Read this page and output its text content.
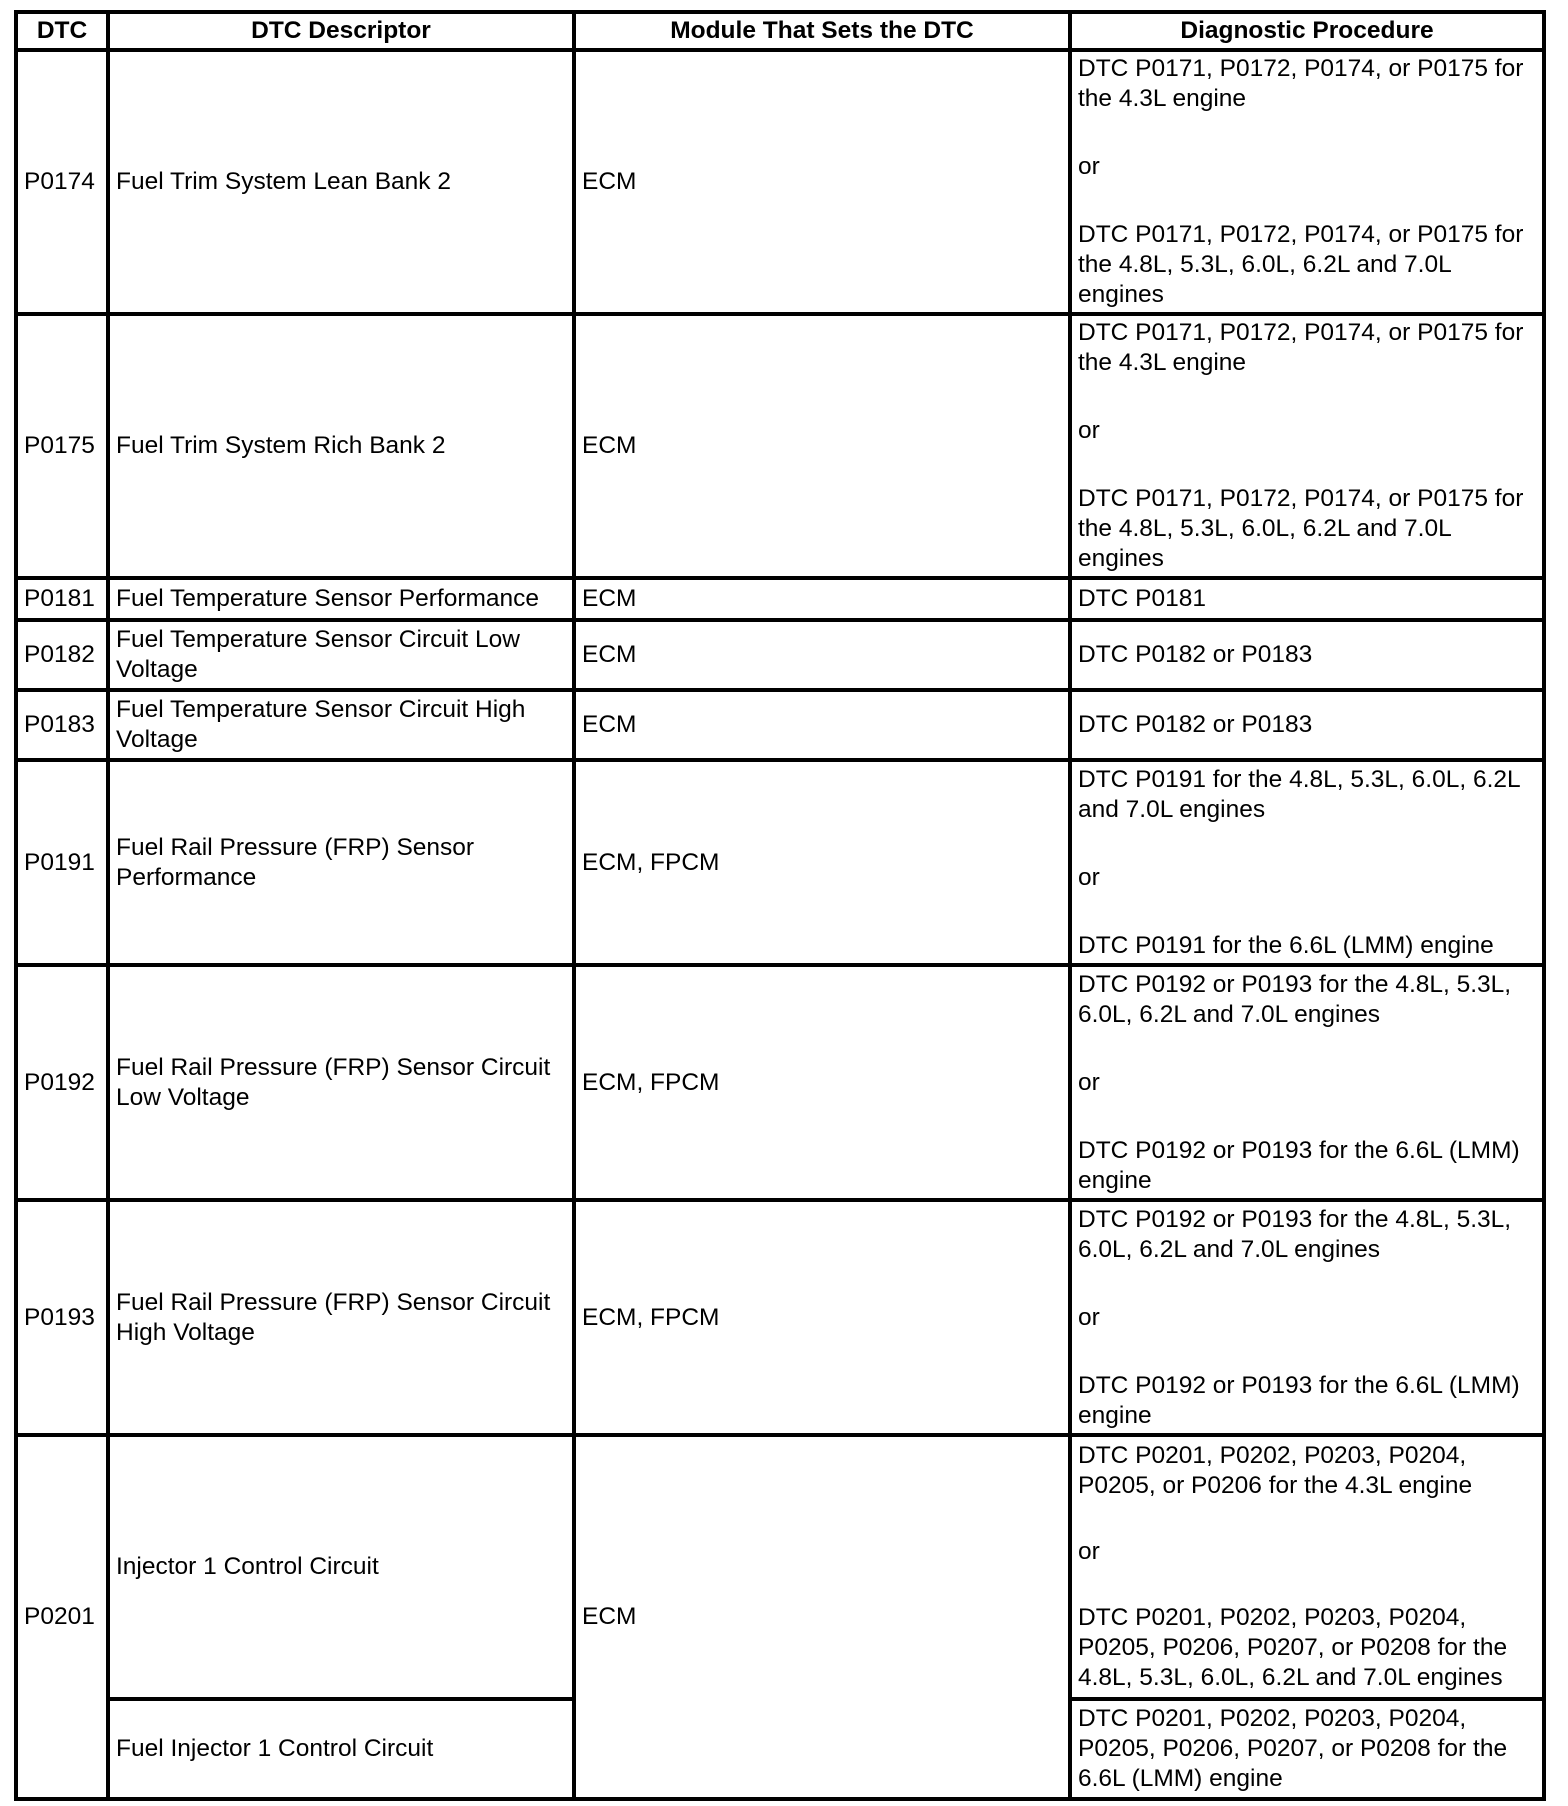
DTC	DTC Descriptor	Module That Sets the DTC	Diagnostic Procedure
P0174	Fuel Trim System Lean Bank 2	ECM	DTC P0171, P0172, P0174, or P0175 for the 4.3L engine
or
DTC P0171, P0172, P0174, or P0175 for the 4.8L, 5.3L, 6.0L, 6.2L and 7.0L engines

P0175	Fuel Trim System Rich Bank 2	ECM	DTC P0171, P0172, P0174, or P0175 for the 4.3L engine
or
DTC P0171, P0172, P0174, or P0175 for the 4.8L, 5.3L, 6.0L, 6.2L and 7.0L engines

P0181	Fuel Temperature Sensor Performance	ECM	DTC P0181

P0182	Fuel Temperature Sensor Circuit Low Voltage	ECM	DTC P0182 or P0183

P0183	Fuel Temperature Sensor Circuit High Voltage	ECM	DTC P0182 or P0183

P0191	Fuel Rail Pressure (FRP) Sensor Performance	ECM, FPCM	DTC P0191 for the 4.8L, 5.3L, 6.0L, 6.2L and 7.0L engines
or
DTC P0191 for the 6.6L (LMM) engine

P0192	Fuel Rail Pressure (FRP) Sensor Circuit Low Voltage	ECM, FPCM	DTC P0192 or P0193 for the 4.8L, 5.3L, 6.0L, 6.2L and 7.0L engines
or
DTC P0192 or P0193 for the 6.6L (LMM) engine

P0193	Fuel Rail Pressure (FRP) Sensor Circuit High Voltage	ECM, FPCM	DTC P0192 or P0193 for the 4.8L, 5.3L, 6.0L, 6.2L and 7.0L engines
or
DTC P0192 or P0193 for the 6.6L (LMM) engine

P0201	Injector 1 Control Circuit	ECM	DTC P0201, P0202, P0203, P0204, P0205, or P0206 for the 4.3L engine
or
DTC P0201, P0202, P0203, P0204, P0205, P0206, P0207, or P0208 for the 4.8L, 5.3L, 6.0L, 6.2L and 7.0L engines

	Fuel Injector 1 Control Circuit		DTC P0201, P0202, P0203, P0204, P0205, P0206, P0207, or P0208 for the 6.6L (LMM) engine
